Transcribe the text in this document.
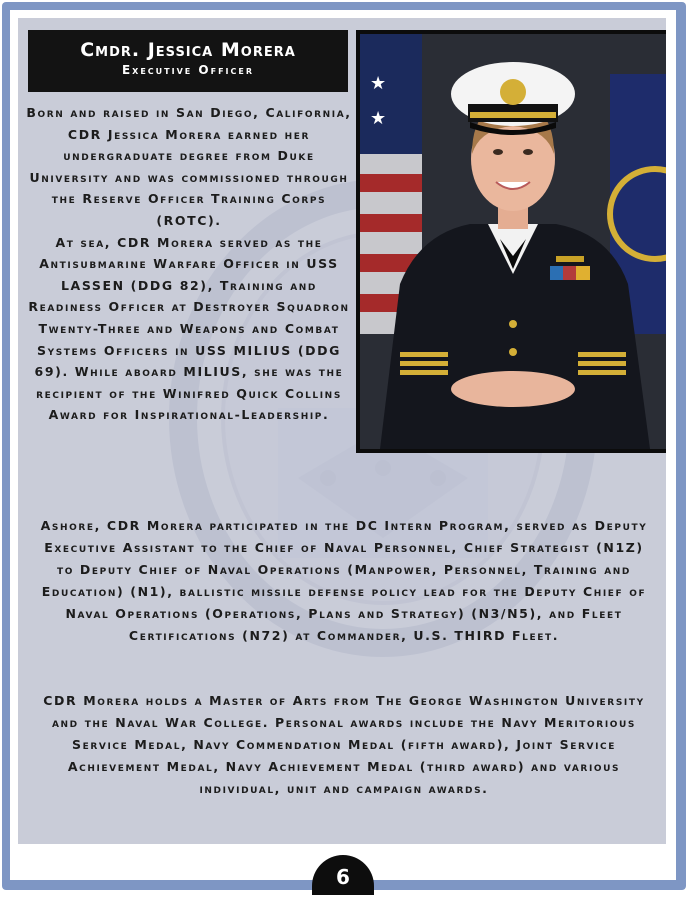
Cmdr. Jessica Morera
Executive Officer
★
★
Born and raised in San Diego, California, CDR Jessica Morera earned her undergraduate degree from Duke University and was commissioned through the Reserve Officer Training Corps (ROTC).

At sea, CDR Morera served as the Antisubmarine Warfare Officer in USS LASSEN (DDG 82), Training and Readiness Officer at Destroyer Squadron Twenty-Three and Weapons and Combat Systems Officers in USS MILIUS (DDG 69). While aboard MILIUS, she was the recipient of the Winifred Quick Collins Award for Inspirational-Leadership.
Ashore, CDR Morera participated in the DC Intern Program, served as Deputy Executive Assistant to the Chief of Naval Personnel, Chief Strategist (N1Z) to Deputy Chief of Naval Operations (Manpower, Personnel, Training and Education) (N1), ballistic missile defense policy lead for the Deputy Chief of Naval Operations (Operations, Plans and Strategy) (N3/N5), and Fleet Certifications (N72) at Commander, U.S. THIRD Fleet.
CDR Morera holds a Master of Arts from The George Washington University and the Naval War College. Personal awards include the Navy Meritorious Service Medal, Navy Commendation Medal (fifth award), Joint Service Achievement Medal, Navy Achievement Medal (third award) and various individual, unit and campaign awards.
6
